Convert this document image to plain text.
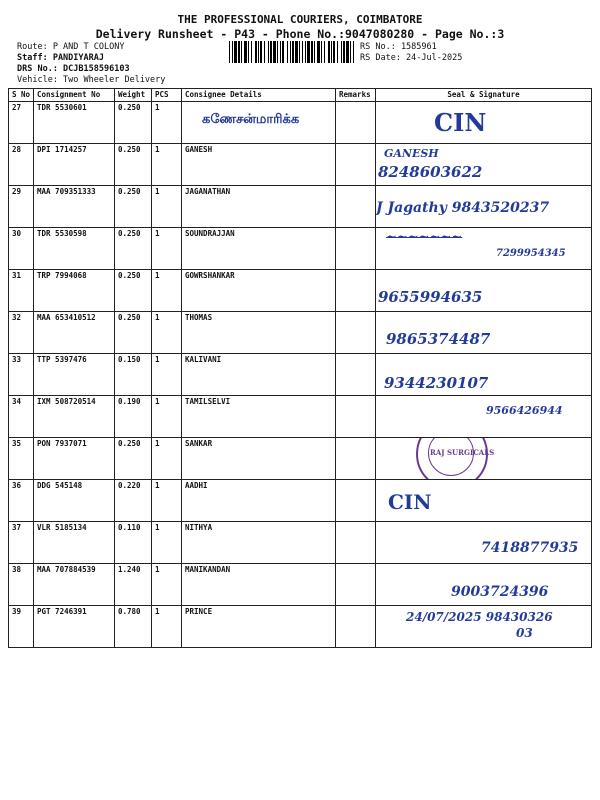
THE PROFESSIONAL COURIERS, COIMBATORE
Delivery Runsheet - P43 - Phone No.:9047080280 - Page No.:3
Route: P AND T COLONY
Staff: PANDIYARAJ
DRS No.: DCJB158596103
Vehicle: Two Wheeler Delivery
RS No.: 1585961
RS Date: 24-Jul-2025
S No	Consignment No	Weight	PCS	Consignee Details	Remarks	Seal & Signature
27	TDR 5530601	0.250	1	கணேசன்மாரிக்க		CIN

28	DPI 1714257	0.250	1	GANESH		GANESH
8248603622

29	MAA 709351333	0.250	1	JAGANATHAN		J Jagathy 9843520237

30	TDR 5530598	0.250	1	SOUNDRAJJAN		~~~~~~~
7299954345

31	TRP 7994068	0.250	1	GOWRSHANKAR		9655994635

32	MAA 653410512	0.250	1	THOMAS		9865374487

33	TTP 5397476	0.150	1	KALIVANI		9344230107

34	IXM 508720514	0.190	1	TAMILSELVI		9566426944

35	PON 7937071	0.250	1	SANKAR		RAJ SURGICALS

36	DDG 545148	0.220	1	AADHI		CIN

37	VLR 5185134	0.110	1	NITHYA		7418877935

38	MAA 707884539	1.240	1	MANIKANDAN		9003724396

39	PGT 7246391	0.780	1	PRINCE		24/07/2025 98430326
03
